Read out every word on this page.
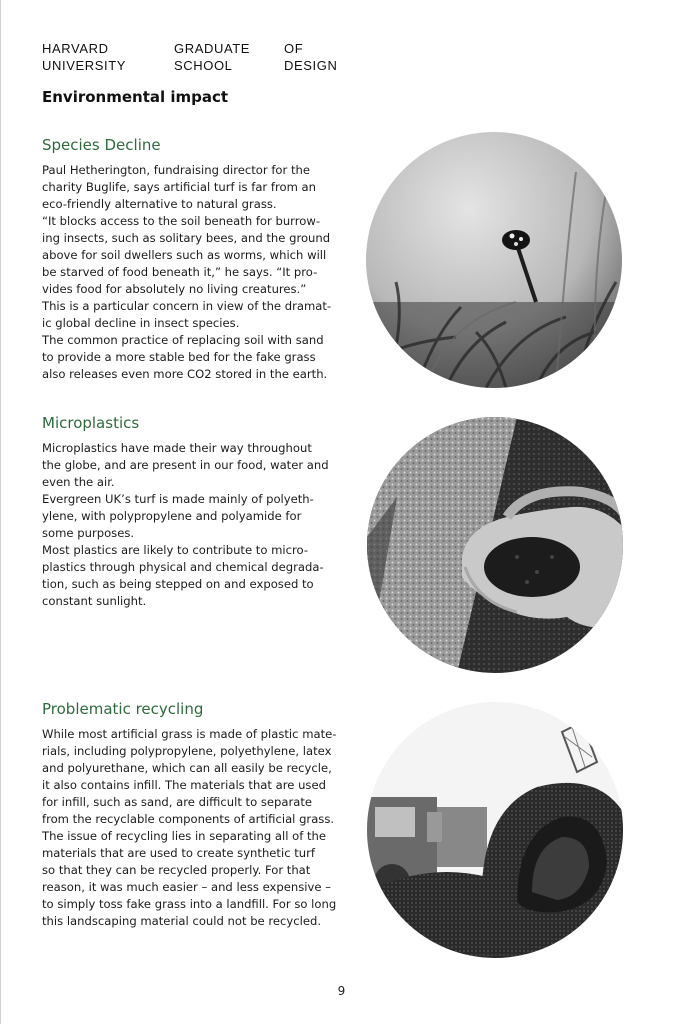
HARVARD
UNIVERSITY
GRADUATE
SCHOOL
OF
DESIGN
Environmental impact
Species Decline

Paul Hetherington, fundraising director for the

charity Buglife, says artificial turf is far from an

eco-friendly alternative to natural grass.

“It blocks access to the soil beneath for burrow-

ing insects, such as solitary bees, and the ground

above for soil dwellers such as worms, which will

be starved of food beneath it,” he says. “It pro-

vides food for absolutely no living creatures.”

This is a particular concern in view of the dramat-

ic global decline in insect species.

The common practice of replacing soil with sand

to provide a more stable bed for the fake grass

also releases even more CO2 stored in the earth.

Microplastics

Microplastics have made their way throughout

the globe, and are present in our food, water and

even the air.

Evergreen UK’s turf is made mainly of polyeth-

ylene, with polypropylene and polyamide for

some purposes.

Most plastics are likely to contribute to micro-

plastics through physical and chemical degrada-

tion, such as being stepped on and exposed to

constant sunlight.

Problematic recycling

While most artificial grass is made of plastic mate-

rials, including polypropylene, polyethylene, latex

and polyurethane, which can all easily be recycle,

it also contains infill. The materials that are used

for infill, such as sand, are difficult to separate

from the recyclable components of artificial grass.

The issue of recycling lies in separating all of the

materials that are used to create synthetic turf

so that they can be recycled properly. For that

reason, it was much easier – and less expensive –

to simply toss fake grass into a landfill. For so long

this landscaping material could not be recycled.

9
